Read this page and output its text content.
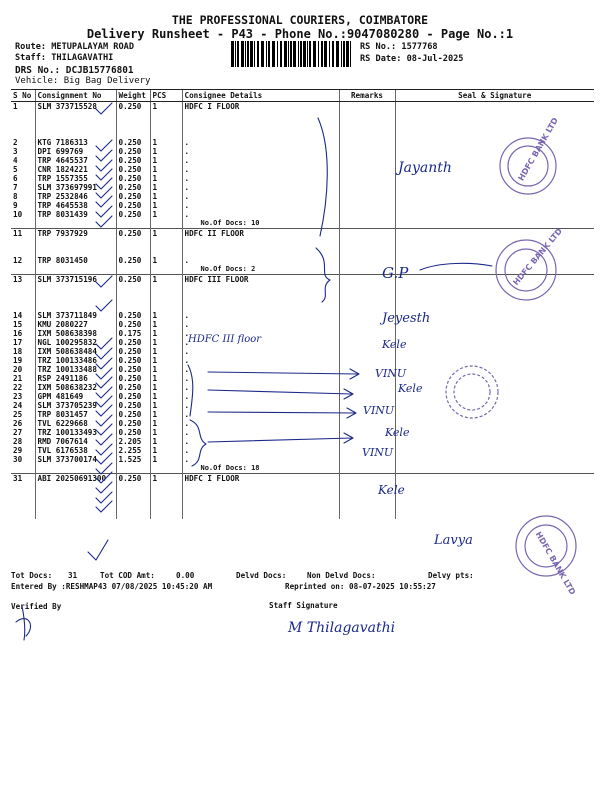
THE PROFESSIONAL COURIERS, COIMBATORE
Delivery Runsheet - P43 - Phone No.:9047080280 - Page No.:1
Route: METUPALAYAM ROAD
Staff: THILAGAVATHI
DRS No.: DCJB15776801
Vehicle: Big Bag Delivery
RS No.: 1577768
RS Date: 08-Jul-2025
S No	Consignment No	Weight	PCS	Consignee Details	Remarks	Seal & Signature
1	SLM 373715528	0.250	1	HDFC I FLOOR		

2	KTG 7186313	0.250	1	.		
3	DPI 699769	0.250	1	.		
4	TRP 4645537	0.250	1	.		
5	CNR 1824221	0.250	1	.		
6	TRP 1557355	0.250	1	.		
7	SLM 373697991	0.250	1	.		
8	TRP 2532846	0.250	1	.		
9	TRP 4645538	0.250	1	.		
10	TRP 8031439	0.250	1	.		
				No.Of Docs: 10		
11	TRP 7937929	0.250	1	HDFC II FLOOR		

12	TRP 8031450	0.250	1	.		
				No.Of Docs: 2		
13	SLM 373715196	0.250	1	HDFC III FLOOR		

14	SLM 373711849	0.250	1	.		
15	KMU 2080227	0.250	1	.		
16	IXM 508638398	0.175	1	.		
17	NGL 100295832	0.250	1	.		
18	IXM 508638484	0.250	1	.		
19	TRZ 100133486	0.250	1	.		
20	TRZ 100133488	0.250	1	.		
21	RSP 2491186	0.250	1	.		
22	IXM 508638232	0.250	1	.		
23	GPM 481649	0.250	1	.		
24	SLM 373705239	0.250	1	.		
25	TRP 8031457	0.250	1	.		
26	TVL 6229668	0.250	1	.		
27	TRZ 100133493	0.250	1	.		
28	RMD 7067614	2.205	1	.		
29	TVL 6176538	2.255	1	.		
30	SLM 373700174	1.525	1	.		
				No.Of Docs: 18		
31	ABI 20250691300	0.250	1	HDFC I FLOOR		

Tot Docs: 31	Tot COD Amt:	0.00	Delvd Docs:	Non Delvd Docs:	Delvy pts:
Entered By :RESHMAP43 07/08/2025 10:45:20 AM	Reprinted on: 08-07-2025 10:55:27
Verified By	Staff Signature
Jayanth
G.P
Jeyesth
HDFC III floor	Kele
VINU
Kele
VINU
Kele
VINU
Kele
Lavya
M Thilagavathi
HDFC BANK LTD
HDFC BANK LTD
HDFC BANK LTD
